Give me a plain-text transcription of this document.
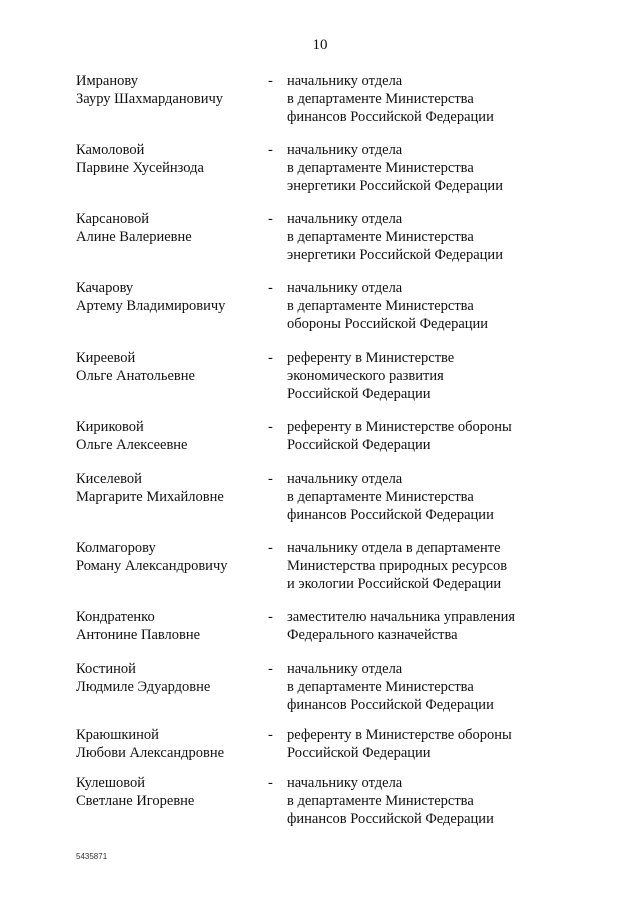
10
Имранову
Зауру Шахмардановичу
- начальнику отдела
в департаменте Министерства
финансов Российской Федерации
Камоловой
Парвине Хусейнзода
- начальнику отдела
в департаменте Министерства
энергетики Российской Федерации
Карсановой
Алине Валериевне
- начальнику отдела
в департаменте Министерства
энергетики Российской Федерации
Качарову
Артему Владимировичу
- начальнику отдела
в департаменте Министерства
обороны Российской Федерации
Киреевой
Ольге Анатольевне
- референту в Министерстве
экономического развития
Российской Федерации
Кириковой
Ольге Алексеевне
- референту в Министерстве обороны
Российской Федерации
Киселевой
Маргарите Михайловне
- начальнику отдела
в департаменте Министерства
финансов Российской Федерации
Колмагорову
Роману Александровичу
- начальнику отдела в департаменте
Министерства природных ресурсов
и экологии Российской Федерации
Кондратенко
Антонине Павловне
- заместителю начальника управления
Федерального казначейства
Костиной
Людмиле Эдуардовне
- начальнику отдела
в департаменте Министерства
финансов Российской Федерации
Краюшкиной
Любови Александровне
- референту в Министерстве обороны
Российской Федерации
Кулешовой
Светлане Игоревне
- начальнику отдела
в департаменте Министерства
финансов Российской Федерации
5435871
